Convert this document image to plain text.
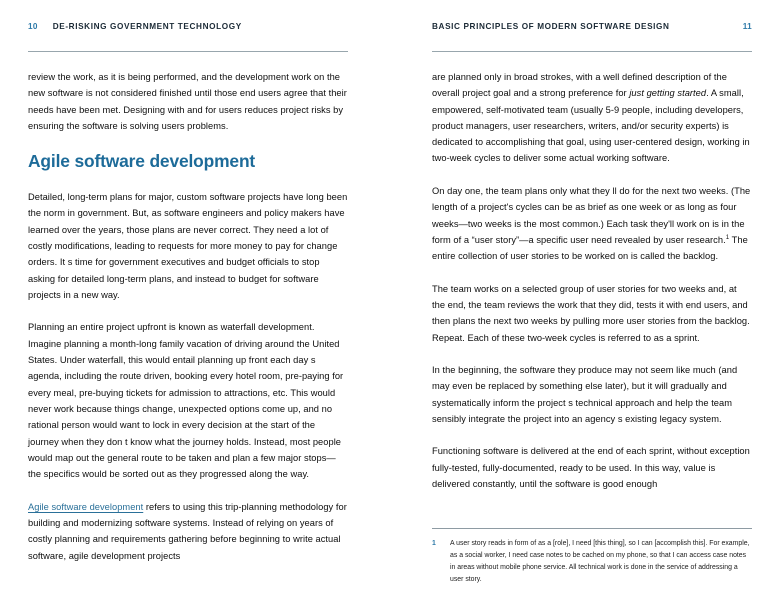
10 DE-RISKING GOVERNMENT TECHNOLOGY

review the work, as it is being performed, and the development work on the new software is not considered finished until those end users agree that their needs have been met. Designing with and for users reduces project risks by ensuring the software is solving users problems.

Agile software development

Detailed, long-term plans for major, custom software projects have long been the norm in government. But, as software engineers and policy makers have learned over the years, those plans are never correct. They need a lot of costly modifications, leading to requests for more money to pay for change orders. It s time for government executives and budget officials to stop asking for detailed long-term plans, and instead to budget for software projects in a new way.

Planning an entire project upfront is known as waterfall development. Imagine planning a month-long family vacation of driving around the United States. Under waterfall, this would entail planning up front each day s agenda, including the route driven, booking every hotel room, pre-paying for every meal, pre-buying tickets for admission to attractions, etc. This would never work because things change, unexpected options come up, and no rational person would want to lock in every decision at the start of the journey when they don t know what the journey holds. Instead, most people would map out the general route to be taken and plan a few major stops—the specifics would be sorted out as they progressed along the way.

Agile software development refers to using this trip-planning methodology for building and modernizing software systems. Instead of relying on years of costly planning and requirements gathering before beginning to write actual software, agile development projects

BASIC PRINCIPLES OF MODERN SOFTWARE DESIGN	11

are planned only in broad strokes, with a well defined description of the overall project goal and a strong preference for just getting started. A small, empowered, self-motivated team (usually 5-9 people, including developers, product managers, user researchers, writers, and/or security experts) is dedicated to accomplishing that goal, using user-centered design, working in two-week cycles to deliver some actual working software.

On day one, the team plans only what they ll do for the next two weeks. (The length of a project's cycles can be as brief as one week or as long as four weeks—two weeks is the most common.) Each task they'll work on is in the form of a “user story”—a specific user need revealed by user research.$^1$ The entire collection of user stories to be worked on is called the backlog.

The team works on a selected group of user stories for two weeks and, at the end, the team reviews the work that they did, tests it with end users, and then plans the next two weeks by pulling more user stories from the backlog. Repeat. Each of these two-week cycles is referred to as a sprint.

In the beginning, the software they produce may not seem like much (and may even be replaced by something else later), but it will gradually and systematically inform the project s technical approach and help the team sensibly integrate the project into an agency s existing legacy system.

Functioning software is delivered at the end of each sprint, without exception fully-tested, fully-documented, ready to be used. In this way, value is delivered constantly, until the software is good enough

1	A user story reads in form of as a [role], I need [this thing], so I can [accomplish this]. For example, as a social worker, I need case notes to be cached on my phone, so that I can access case notes in areas without mobile phone service. All technical work is done in the service of addressing a user story.
